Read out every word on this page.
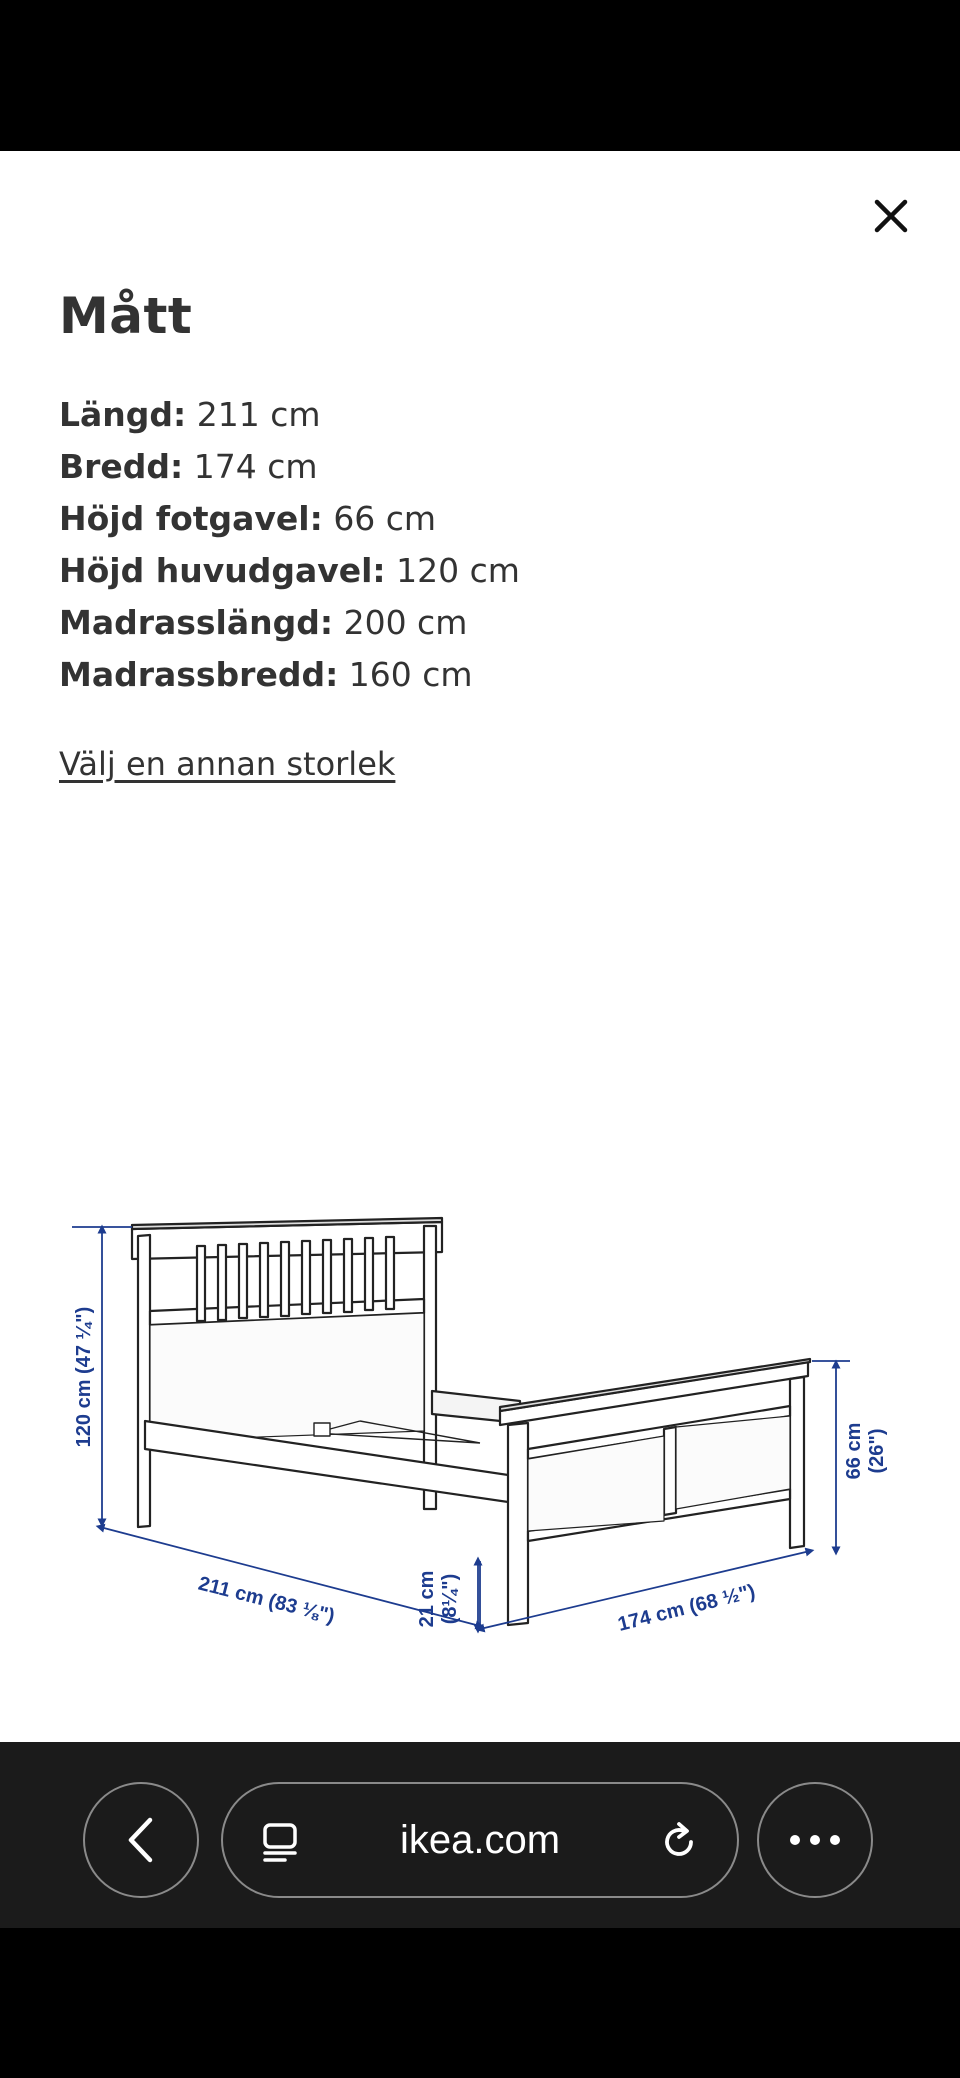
Mått
Längd: 211 cm
Bredd: 174 cm
Höjd fotgavel: 66 cm
Höjd huvudgavel: 120 cm
Madrasslängd: 200 cm
Madrassbredd: 160 cm
Välj en annan storlek
120 cm (47 ¼")
211 cm (83 ⅛")	21 cm (8¼")	174 cm (68 ½")
66 cm (26")
ikea.com
